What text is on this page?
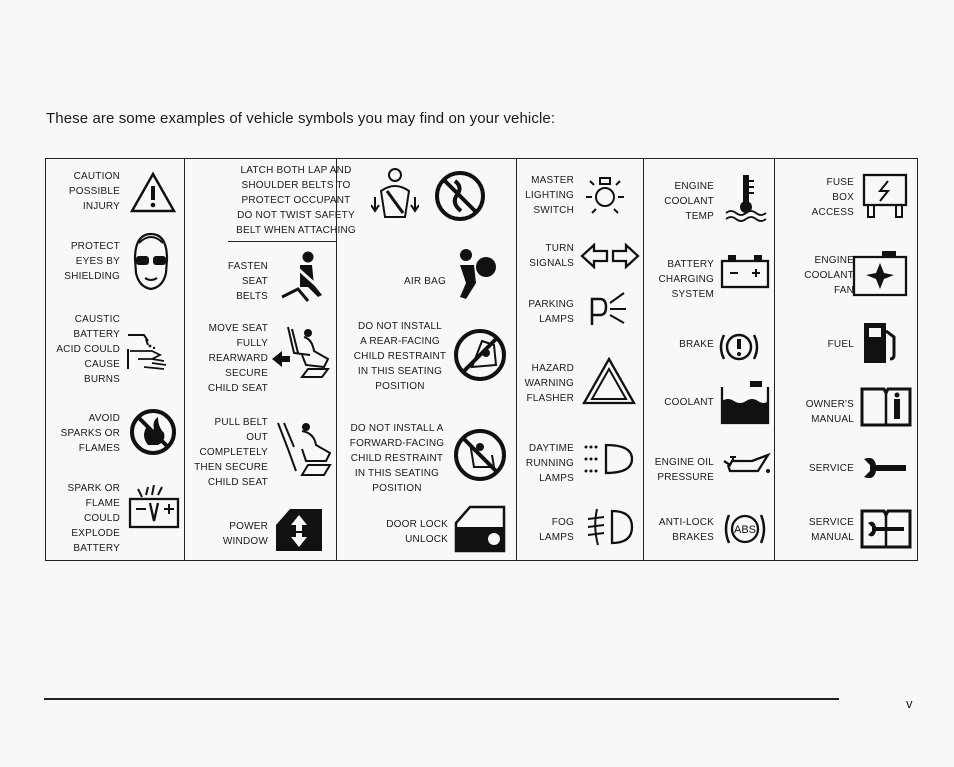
These are some examples of vehicle symbols you may find on your vehicle:
CAUTION
POSSIBLE
INJURY
PROTECT
EYES BY
SHIELDING
CAUSTIC
BATTERY
ACID COULD
CAUSE
BURNS
AVOID
SPARKS OR
FLAMES
SPARK OR
FLAME
COULD
EXPLODE
BATTERY
LATCH BOTH LAP AND
SHOULDER BELTS TO
PROTECT OCCUPANT
DO NOT TWIST SAFETY
BELT WHEN ATTACHING
FASTEN
SEAT
BELTS
AIR BAG
MOVE SEAT
FULLY
REARWARD
SECURE
CHILD SEAT
DO NOT INSTALL
A REAR-FACING
CHILD RESTRAINT
IN THIS SEATING
POSITION
PULL BELT
OUT
COMPLETELY
THEN SECURE
CHILD SEAT
DO NOT INSTALL A
FORWARD-FACING
CHILD RESTRAINT
IN THIS SEATING
POSITION
POWER
WINDOW
DOOR LOCK
UNLOCK
MASTER
LIGHTING
SWITCH
TURN
SIGNALS
PARKING
LAMPS
HAZARD
WARNING
FLASHER
DAYTIME
RUNNING
LAMPS
FOG
LAMPS
ENGINE
COOLANT
TEMP
BATTERY
CHARGING
SYSTEM
BRAKE
COOLANT
ENGINE OIL
PRESSURE
ANTI-LOCK
BRAKES
ABS
FUSE
BOX
ACCESS
ENGINE
COOLANT
FAN
FUEL
OWNER'S
MANUAL
SERVICE
SERVICE
MANUAL
v
